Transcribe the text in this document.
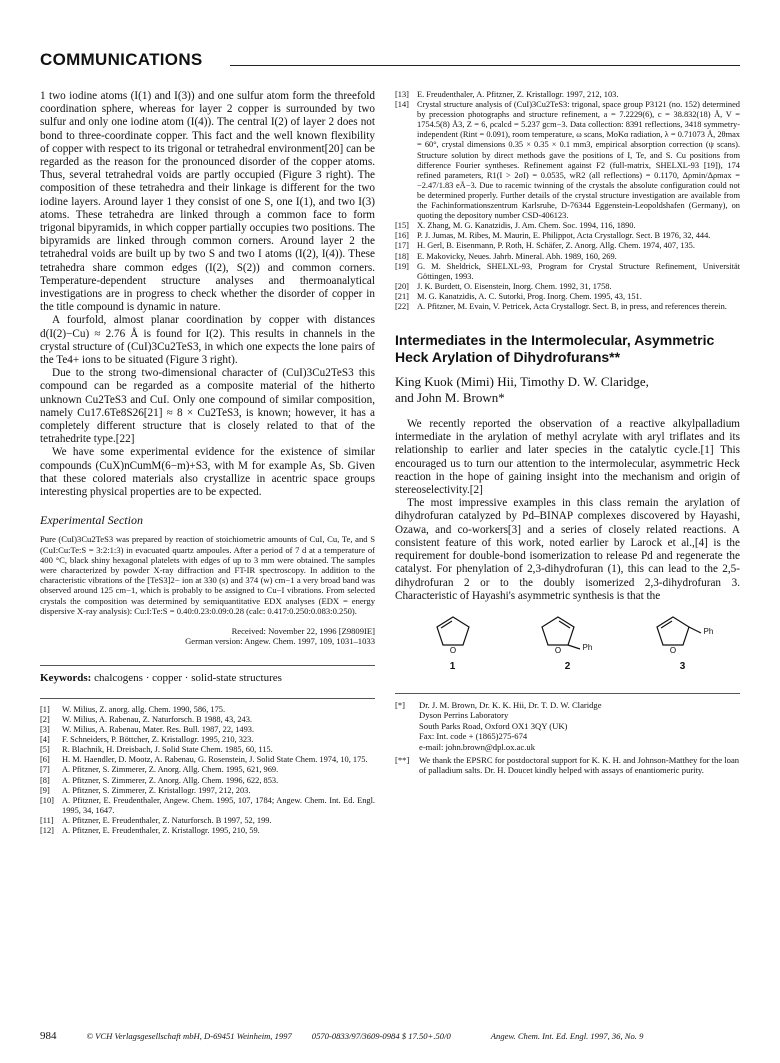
COMMUNICATIONS

1 two iodine atoms (I(1) and I(3)) and one sulfur atom form the threefold coordination sphere, whereas for layer 2 copper is surrounded by two sulfur and only one iodine atom (I(4)). The central I(2) of layer 2 does not bond to three-coordinate copper. This fact and the well known flexibility of copper with respect to its trigonal or tetrahedral environment[20] can be regarded as the reason for the pronounced disorder of the copper atoms. Thus, several tetrahedral voids are partly occupied (Figure 3 right). The composition of these tetrahedra and their linkage is different for the two iodine layers. Around layer 1 they consist of one S, one I(1), and two I(3) atoms. These tetrahedra are linked through a common face to form trigonal bipyramids, in which copper partially occupies two positions. The bipyramids are linked through common corners. Around layer 2 the tetrahedral voids are built up by two S and two I atoms (I(2), I(4)). These tetrahedra share common edges (I(2), S(2)) and common corners. Temperature-dependent structure analyses and thermoanalytical investigations are in progress to check whether the disorder of copper in the title compound is dynamic in nature.

A fourfold, almost planar coordination by copper with distances d(I(2)−Cu) ≈ 2.76 Å is found for I(2). This results in channels in the crystal structure of (CuI)3Cu2TeS3, in which one expects the lone pairs of the Te4+ ions to be situated (Figure 3 right).

Due to the strong two-dimensional character of (CuI)3Cu2TeS3 this compound can be regarded as a composite material of the hitherto unknown Cu2TeS3 and CuI. Only one compound of similar composition, namely Cu17.6Te8S26[21] ≈ 8 × Cu2TeS3, is known; however, it has a completely different structure that is closely related to that of the tetrahedrite type.[22]

We have some experimental evidence for the existence of similar compounds (CuX)nCumM(6−m)+S3, with M for example As, Sb. Given that these colored materials also crystallize in acentric space groups interesting physical properties are to be expected.

Experimental Section

Pure (CuI)3Cu2TeS3 was prepared by reaction of stoichiometric amounts of CuI, Cu, Te, and S (CuI:Cu:Te:S = 3:2:1:3) in evacuated quartz ampoules. After a period of 7 d at a temperature of 400 °C, black shiny hexagonal platelets with edges of up to 3 mm were obtained. The samples were characterized by powder X-ray diffraction and FT-IR spectroscopy. In addition to the characteristic vibrations of the [TeS3]2− ion at 330 (s) and 374 (w) cm−1 a very broad band was observed around 125 cm−1, which is probably to be assigned to Cu−I vibrations. From selected crystals the composition was determined by semiquantitative EDX analyses (EDX = energy dispersive X-ray analysis): Cu:I:Te:S = 0.40:0.23:0.09:0.28 (calc: 0.417:0.250:0.083:0.250).

Received: November 22, 1996 [Z9809IE]
German version: Angew. Chem. 1997, 109, 1031–1033
Keywords: chalcogens · copper · solid-state structures
[1]	W. Milius, Z. anorg. allg. Chem. 1990, 586, 175.
[2]	W. Milius, A. Rabenau, Z. Naturforsch. B 1988, 43, 243.
[3]	W. Milius, A. Rabenau, Mater. Res. Bull. 1987, 22, 1493.
[4]	F. Schneiders, P. Böttcher, Z. Kristallogr. 1995, 210, 323.
[5]	R. Blachnik, H. Dreisbach, J. Solid State Chem. 1985, 60, 115.
[6]	H. M. Haendler, D. Mootz, A. Rabenau, G. Rosenstein, J. Solid State Chem. 1974, 10, 175.
[7]	A. Pfitzner, S. Zimmerer, Z. Anorg. Allg. Chem. 1995, 621, 969.
[8]	A. Pfitzner, S. Zimmerer, Z. Anorg. Allg. Chem. 1996, 622, 853.
[9]	A. Pfitzner, S. Zimmerer, Z. Kristallogr. 1997, 212, 203.
[10] A. Pfitzner, E. Freudenthaler, Angew. Chem. 1995, 107, 1784; Angew. Chem. Int. Ed. Engl. 1995, 34, 1647.
[11] A. Pfitzner, E. Freudenthaler, Z. Naturforsch. B 1997, 52, 199.
[12] A. Pfitzner, E. Freudenthaler, Z. Kristallogr. 1995, 210, 59.
[13] E. Freudenthaler, A. Pfitzner, Z. Kristallogr. 1997, 212, 103.
[14] Crystal structure analysis of (CuI)3Cu2TeS3: trigonal, space group P3121 (no. 152) determined by precession photographs and structure refinement, a = 7.2229(6), c = 38.832(18) Å, V = 1754.5(8) Å3, Z = 6, ρcalcd = 5.237 gcm−3. Data collection: 8391 reflections, 3418 symmetry-independent (Rint = 0.091), room temperature, ω scans, MoKα radiation, λ = 0.71073 Å, 2θmax = 60°, crystal dimensions 0.35 × 0.35 × 0.1 mm3, empirical absorption correction (ψ scans). Structure solution by direct methods gave the positions of I, Te, and S. Cu positions from difference Fourier syntheses. Refinement against F2 (full-matrix, SHELXL-93 [19]), 174 refined parameters, R1(I > 2σI) = 0.0535, wR2 (all reflections) = 0.1170, Δρmin/Δρmax = −2.47/1.83 eÅ−3. Due to racemic twinning of the crystals the absolute configuration could not be determined properly. Further details of the crystal structure investigation are available from the Fachinformationszentrum Karlsruhe, D-76344 Eggenstein-Leopoldshafen (Germany), on quoting the depository number CSD-406123.
[15] X. Zhang, M. G. Kanatzidis, J. Am. Chem. Soc. 1994, 116, 1890.
[16] P. J. Jumas, M. Ribes, M. Maurin, E. Philippot, Acta Crystallogr. Sect. B 1976, 32, 444.
[17] H. Gerl, B. Eisenmann, P. Roth, H. Schäfer, Z. Anorg. Allg. Chem. 1974, 407, 135.
[18] E. Makovicky, Neues. Jahrb. Mineral. Abh. 1989, 160, 269.
[19] G. M. Sheldrick, SHELXL-93, Program for Crystal Structure Refinement, Universität Göttingen, 1993.
[20] J. K. Burdett, O. Eisenstein, Inorg. Chem. 1992, 31, 1758.
[21] M. G. Kanatzidis, A. C. Sutorki, Prog. Inorg. Chem. 1995, 43, 151.
[22] A. Pfitzner, M. Evain, V. Petricek, Acta Crystallogr. Sect. B, in press, and references therein.
Intermediates in the Intermolecular, Asymmetric Heck Arylation of Dihydrofurans**
King Kuok (Mimi) Hii, Timothy D. W. Claridge,
and John M. Brown*

We recently reported the observation of a reactive alkylpalladium intermediate in the arylation of methyl acrylate with aryl triflates and its relationship to earlier and later species in the catalytic cycle.[1] This encouraged us to turn our attention to the intermolecular, asymmetric Heck reaction in the hope of gaining insight into the mechanism and origin of stereoselectivity.[2]

The most impressive examples in this class remain the arylation of dihydrofuran catalyzed by Pd–BINAP complexes discovered by Hayashi, Ozawa, and co-workers[3] and a series of closely related reactions. A consistent feature of this work, noted earlier by Larock et al.,[4] is the requirement for double-bond isomerization to release Pd and regenerate the catalyst. For phenylation of 2,3-dihydrofuran (1), this can lead to the 2,5-dihydrofuran 2 or to the doubly isomerized 2,3-dihydrofuran 3. Characteristic of Hayashi's asymmetric synthesis is that the

O
1
O	Ph
2
O
Ph
3
[*]	Dr. J. M. Brown, Dr. K. K. Hii, Dr. T. D. W. Claridge
Dyson Perrins Laboratory
South Parks Road, Oxford OX1 3QY (UK)
Fax: Int. code + (1865)275-674
e-mail: john.brown@dpl.ox.ac.uk
[**]	We thank the EPSRC for postdoctoral support for K. K. H. and Johnson-Matthey for the loan of palladium salts. Dr. H. Doucet kindly helped with assays of enantiomeric purity.
984	© VCH Verlagsgesellschaft mbH, D-69451 Weinheim, 1997 0570-0833/97/3609-0984 $ 17.50+.50/0	Angew. Chem. Int. Ed. Engl. 1997, 36, No. 9
